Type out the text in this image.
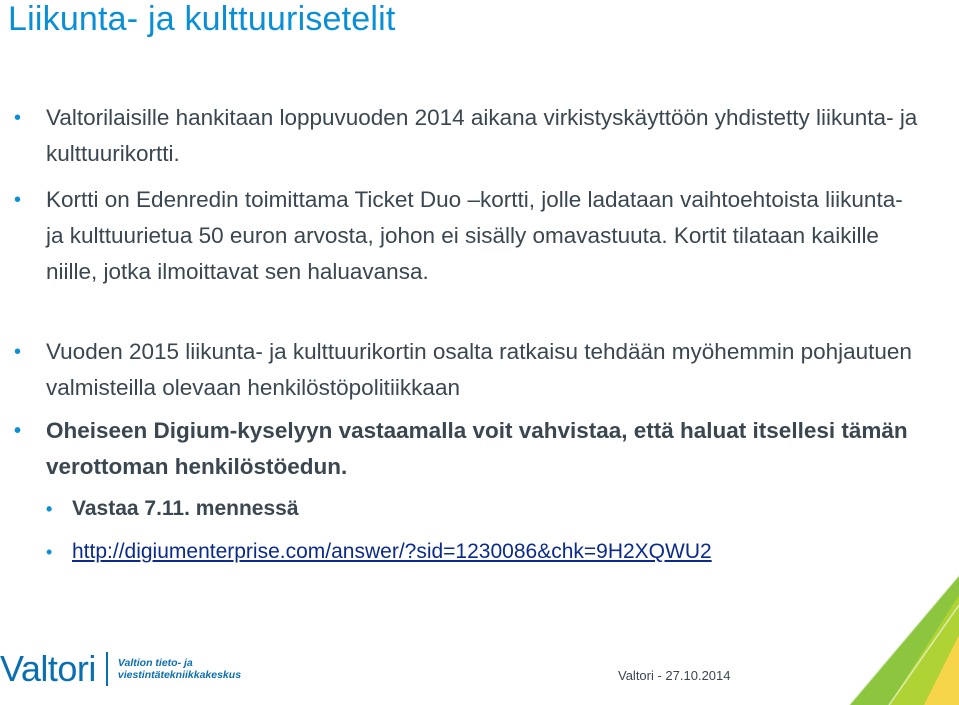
Liikunta- ja kulttuurisetelit
• Valtorilaisille hankitaan loppuvuoden 2014 aikana virkistyskäyttöön yhdistetty liikunta- ja kulttuurikortti.
• Kortti on Edenredin toimittama Ticket Duo –kortti, jolle ladataan vaihtoehtoista liikunta- ja kulttuurietua 50 euron arvosta, johon ei sisälly omavastuuta. Kortit tilataan kaikille niille, jotka ilmoittavat sen haluavansa.
• Vuoden 2015 liikunta- ja kulttuurikortin osalta ratkaisu tehdään myöhemmin pohjautuen valmisteilla olevaan henkilöstöpolitiikkaan
• Oheiseen Digium-kyselyyn vastaamalla voit vahvistaa, että haluat itsellesi tämän verottoman henkilöstöedun.
• Vastaa 7.11. mennessä
• http://digiumenterprise.com/answer/?sid=1230086&chk=9H2XQWU2
Valtori Valtion tieto- ja
viestintätekniikkakeskus	Valtori - 27.10.2014
